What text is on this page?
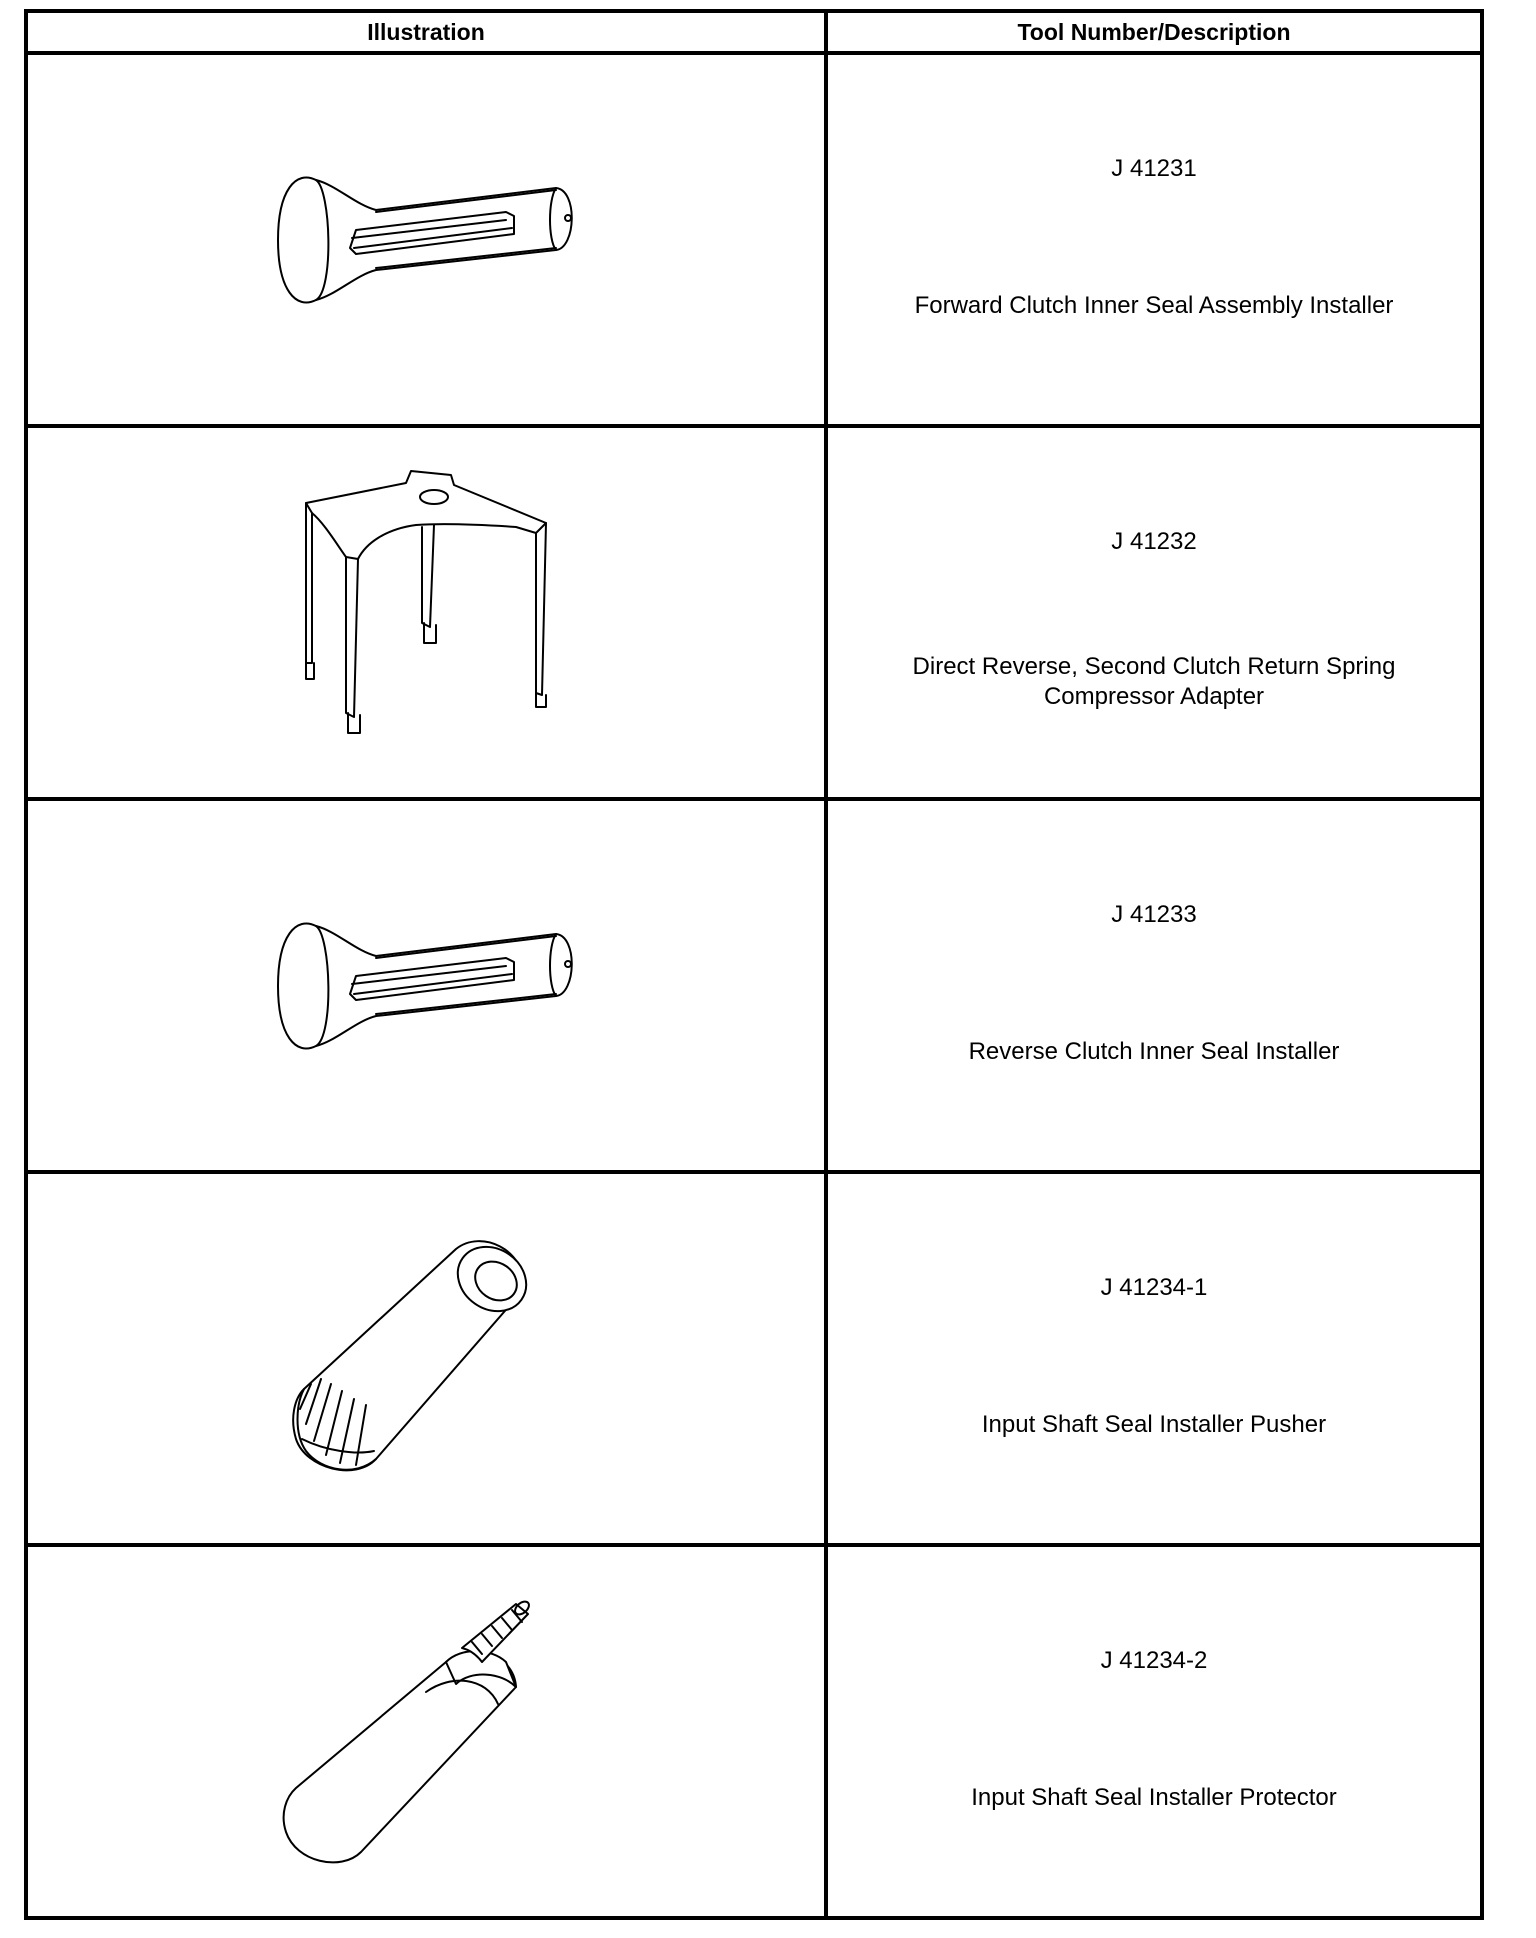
Illustration	Tool Number/Description

J 41231
Forward Clutch Inner Seal Assembly Installer

J 41232
Direct Reverse, Second Clutch Return Spring Compressor Adapter

J 41233
Reverse Clutch Inner Seal Installer

J 41234-1
Input Shaft Seal Installer Pusher

J 41234-2
Input Shaft Seal Installer Protector
